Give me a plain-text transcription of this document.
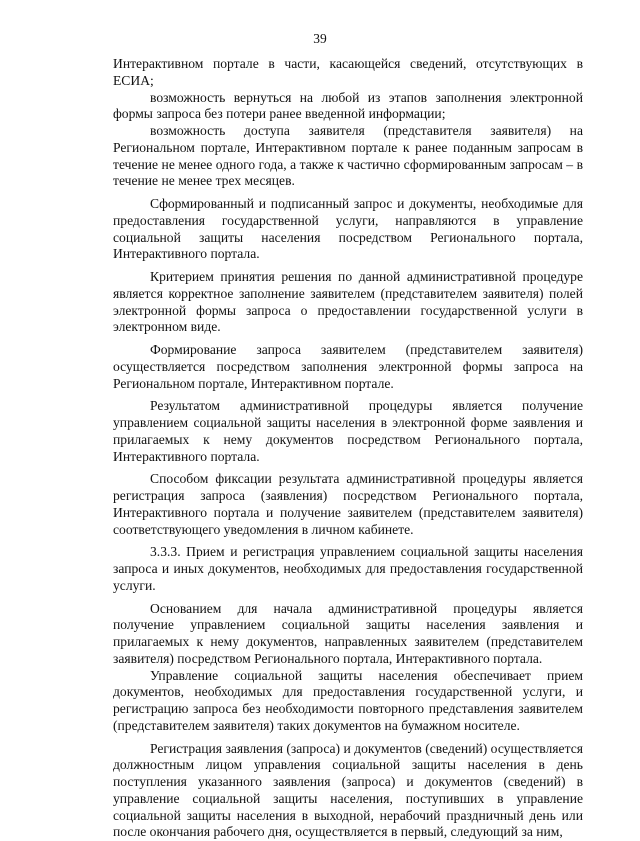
39

Интерактивном портале в части, касающейся сведений, отсутствующих в ЕСИА;

возможность вернуться на любой из этапов заполнения электронной формы запроса без потери ранее введенной информации;

возможность доступа заявителя (представителя заявителя) на Региональном портале, Интерактивном портале к ранее поданным запросам в течение не менее одного года, а также к частично сформированным запросам – в течение не менее трех месяцев.

Сформированный и подписанный запрос и документы, необходимые для предоставления государственной услуги, направляются в управление социальной защиты населения посредством Регионального портала, Интерактивного портала.

Критерием принятия решения по данной административной процедуре является корректное заполнение заявителем (представителем заявителя) полей электронной формы запроса о предоставлении государственной услуги в электронном виде.

Формирование запроса заявителем (представителем заявителя) осуществляется посредством заполнения электронной формы запроса на Региональном портале, Интерактивном портале.

Результатом административной процедуры является получение управлением социальной защиты населения в электронной форме заявления и прилагаемых к нему документов посредством Регионального портала, Интерактивного портала.

Способом фиксации результата административной процедуры является регистрация запроса (заявления) посредством Регионального портала, Интерактивного портала и получение заявителем (представителем заявителя) соответствующего уведомления в личном кабинете.

3.3.3. Прием и регистрация управлением социальной защиты населения запроса и иных документов, необходимых для предоставления государственной услуги.

Основанием для начала административной процедуры является получение управлением социальной защиты населения заявления и прилагаемых к нему документов, направленных заявителем (представителем заявителя) посредством Регионального портала, Интерактивного портала.

Управление социальной защиты населения обеспечивает прием документов, необходимых для предоставления государственной услуги, и регистрацию запроса без необходимости повторного представления заявителем (представителем заявителя) таких документов на бумажном носителе.

Регистрация заявления (запроса) и документов (сведений) осуществляется должностным лицом управления социальной защиты населения в день поступления указанного заявления (запроса) и документов (сведений) в управление социальной защиты населения, поступивших в управление социальной защиты населения в выходной, нерабочий праздничный день или после окончания рабочего дня, осуществляется в первый, следующий за ним,
